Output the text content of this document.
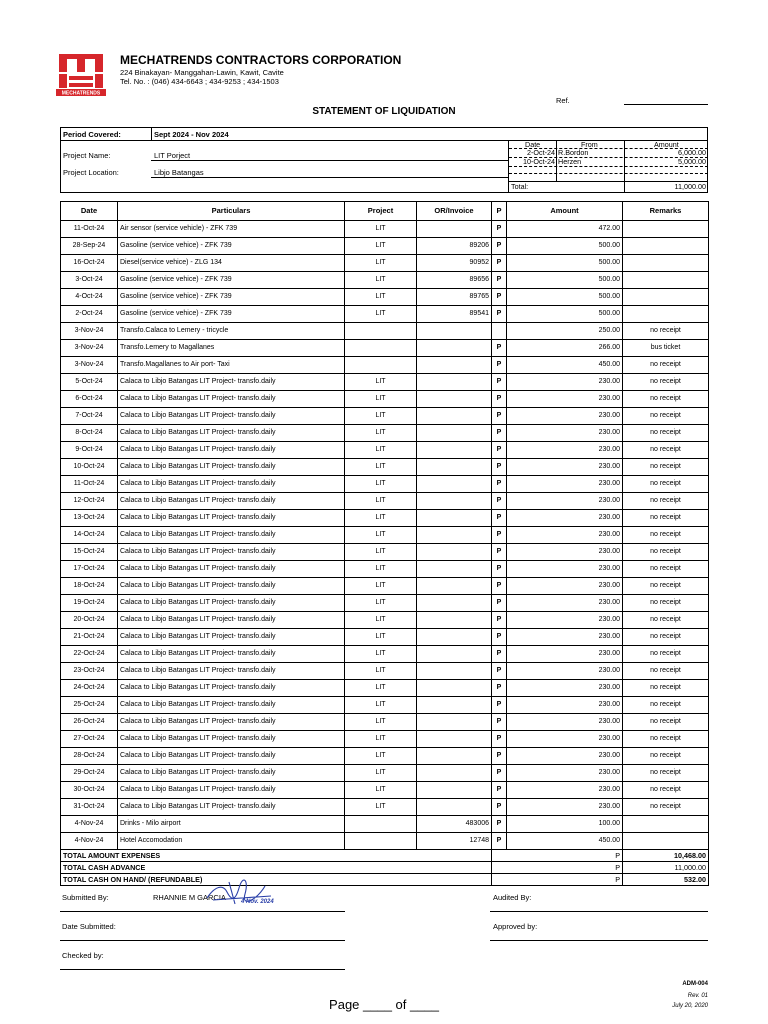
MECHATRENDS
MECHATRENDS CONTRACTORS CORPORATION
224 Binakayan- Manggahan-Lawin, Kawit, Cavite
Tel. No. : (046) 434-6643 ; 434-9253 ; 434-1503
Ref.
STATEMENT OF LIQUIDATION
Period Covered:	Sept 2024 - Nov 2024
Project Name:	LIT Porject
Project Location:	Libjo Batangas
Date	From	Amount
2-Oct-24 R.Bordon	6,000.00
10-Oct-24 Herzen	5,000.00
Total:	11,000.00
Date	Particulars	Project	OR/Invoice	P	Amount	Remarks
11-Oct-24	Air sensor (service vehicle) - ZFK 739	LIT		P	472.00	
28-Sep-24	Gasoline (service vehice) - ZFK 739	LIT	89206	P	500.00	
16-Oct-24	Diesel(service vehice) - ZLG 134	LIT	90952	P	500.00	
3-Oct-24	Gasoline (service vehice) - ZFK 739	LIT	89656	P	500.00	
4-Oct-24	Gasoline (service vehice) - ZFK 739	LIT	89765	P	500.00	
2-Oct-24	Gasoline (service vehice) - ZFK 739	LIT	89541	P	500.00	
3-Nov-24	Transfo.Calaca to Lemery - tricycle				250.00	no receipt
3-Nov-24	Transfo.Lemery to Magallanes			P	266.00	bus ticket
3-Nov-24	Transfo.Magallanes to Air port- Taxi			P	450.00	no receipt
5-Oct-24	Calaca to Libjo Batangas LIT Project- transfo.daily	LIT		P	230.00	no receipt
6-Oct-24	Calaca to Libjo Batangas LIT Project- transfo.daily	LIT		P	230.00	no receipt
7-Oct-24	Calaca to Libjo Batangas LIT Project- transfo.daily	LIT		P	230.00	no receipt
8-Oct-24	Calaca to Libjo Batangas LIT Project- transfo.daily	LIT		P	230.00	no receipt
9-Oct-24	Calaca to Libjo Batangas LIT Project- transfo.daily	LIT		P	230.00	no receipt
10-Oct-24	Calaca to Libjo Batangas LIT Project- transfo.daily	LIT		P	230.00	no receipt
11-Oct-24	Calaca to Libjo Batangas LIT Project- transfo.daily	LIT		P	230.00	no receipt
12-Oct-24	Calaca to Libjo Batangas LIT Project- transfo.daily	LIT		P	230.00	no receipt
13-Oct-24	Calaca to Libjo Batangas LIT Project- transfo.daily	LIT		P	230.00	no receipt
14-Oct-24	Calaca to Libjo Batangas LIT Project- transfo.daily	LIT		P	230.00	no receipt
15-Oct-24	Calaca to Libjo Batangas LIT Project- transfo.daily	LIT		P	230.00	no receipt
17-Oct-24	Calaca to Libjo Batangas LIT Project- transfo.daily	LIT		P	230.00	no receipt
18-Oct-24	Calaca to Libjo Batangas LIT Project- transfo.daily	LIT		P	230.00	no receipt
19-Oct-24	Calaca to Libjo Batangas LIT Project- transfo.daily	LIT		P	230.00	no receipt
20-Oct-24	Calaca to Libjo Batangas LIT Project- transfo.daily	LIT		P	230.00	no receipt
21-Oct-24	Calaca to Libjo Batangas LIT Project- transfo.daily	LIT		P	230.00	no receipt
22-Oct-24	Calaca to Libjo Batangas LIT Project- transfo.daily	LIT		P	230.00	no receipt
23-Oct-24	Calaca to Libjo Batangas LIT Project- transfo.daily	LIT		P	230.00	no receipt
24-Oct-24	Calaca to Libjo Batangas LIT Project- transfo.daily	LIT		P	230.00	no receipt
25-Oct-24	Calaca to Libjo Batangas LIT Project- transfo.daily	LIT		P	230.00	no receipt
26-Oct-24	Calaca to Libjo Batangas LIT Project- transfo.daily	LIT		P	230.00	no receipt
27-Oct-24	Calaca to Libjo Batangas LIT Project- transfo.daily	LIT		P	230.00	no receipt
28-Oct-24	Calaca to Libjo Batangas LIT Project- transfo.daily	LIT		P	230.00	no receipt
29-Oct-24	Calaca to Libjo Batangas LIT Project- transfo.daily	LIT		P	230.00	no receipt
30-Oct-24	Calaca to Libjo Batangas LIT Project- transfo.daily	LIT		P	230.00	no receipt
31-Oct-24	Calaca to Libjo Batangas LIT Project- transfo.daily	LIT		P	230.00	no receipt
4-Nov-24	Drinks - Milo airport		483006	P	100.00	
4-Nov-24	Hotel Accomodation		12748	P	450.00	
TOTAL AMOUNT EXPENSES				P		10,468.00
TOTAL CASH ADVANCE				P		11,000.00
TOTAL CASH ON HAND/ (REFUNDABLE)				P		532.00
Submitted By:	RHANNIE M GARCIA	4 Nov. 2024	Audited By:
Date Submitted:	Approved by:
Checked by:
ADM-004
Rev. 01
July 20, 2020
Page ____ of ____
